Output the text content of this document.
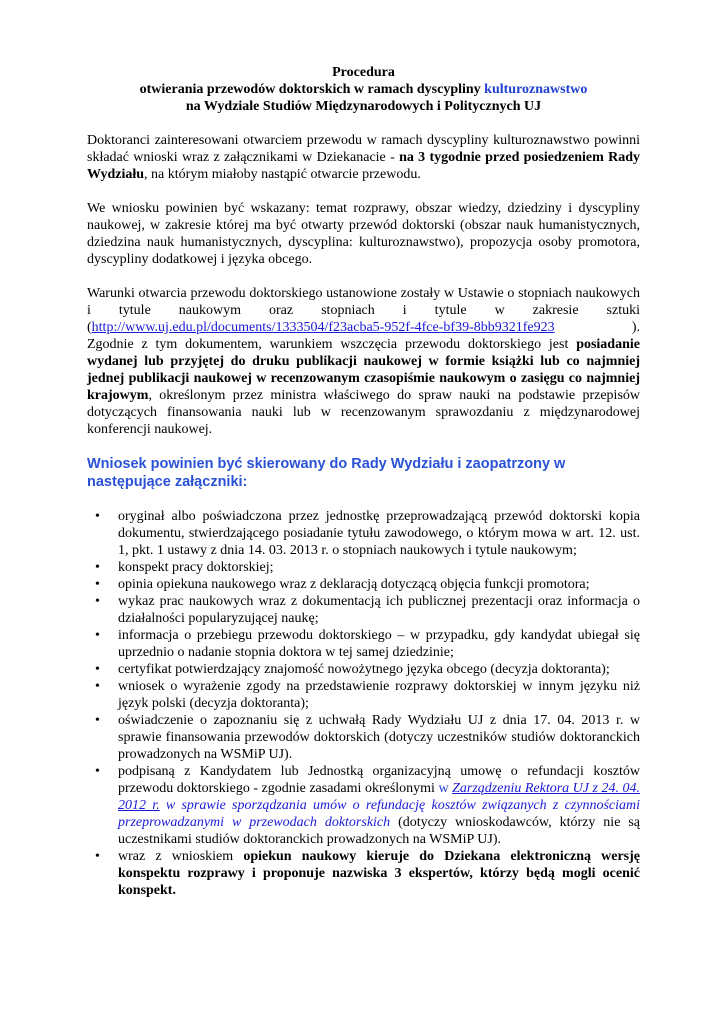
Procedura
otwierania przewodów doktorskich w ramach dyscypliny kulturoznawstwo
na Wydziale Studiów Międzynarodowych i Politycznych UJ

Doktoranci zainteresowani otwarciem przewodu w ramach dyscypliny kulturoznawstwo powinni składać wnioski wraz z załącznikami w Dziekanacie - na 3 tygodnie przed posiedzeniem Rady Wydziału, na którym miałoby nastąpić otwarcie przewodu.

We wniosku powinien być wskazany: temat rozprawy, obszar wiedzy, dziedziny i dyscypliny naukowej, w zakresie której ma być otwarty przewód doktorski (obszar nauk humanistycznych, dziedzina nauk humanistycznych, dyscyplina: kulturoznawstwo), propozycja osoby promotora, dyscypliny dodatkowej i języka obcego.

Warunki otwarcia przewodu doktorskiego ustanowione zostały w Ustawie o stopniach naukowych i tytule naukowym oraz stopniach i tytule w zakresie sztuki (http://www.uj.edu.pl/documents/1333504/f23acba5-952f-4fce-bf39-8bb9321fe923                  ). Zgodnie z tym dokumentem, warunkiem wszczęcia przewodu doktorskiego jest posiadanie wydanej lub przyjętej do druku publikacji naukowej w formie książki lub co najmniej jednej publikacji naukowej w recenzowanym czasopiśmie naukowym o zasięgu co najmniej krajowym, określonym przez ministra właściwego do spraw nauki na podstawie przepisów dotyczących finansowania nauki lub w recenzowanym sprawozdaniu z międzynarodowej konferencji naukowej.

Wniosek powinien być skierowany do Rady Wydziału i zaopatrzony w następujące załączniki:
• oryginał albo poświadczona przez jednostkę przeprowadzającą przewód doktorski kopia dokumentu, stwierdzającego posiadanie tytułu zawodowego, o którym mowa w art. 12. ust. 1, pkt. 1 ustawy z dnia 14. 03. 2013 r. o stopniach naukowych i tytule naukowym;
• konspekt pracy doktorskiej;
• opinia opiekuna naukowego wraz z deklaracją dotyczącą objęcia funkcji promotora;
• wykaz prac naukowych wraz z dokumentacją ich publicznej prezentacji oraz informacja o działalności popularyzującej naukę;
• informacja o przebiegu przewodu doktorskiego – w przypadku, gdy kandydat ubiegał się uprzednio o nadanie stopnia doktora w tej samej dziedzinie;
• certyfikat potwierdzający znajomość nowożytnego języka obcego (decyzja doktoranta);
• wniosek o wyrażenie zgody na przedstawienie rozprawy doktorskiej w innym języku niż język polski (decyzja doktoranta);
• oświadczenie o zapoznaniu się z uchwałą Rady Wydziału UJ z dnia 17. 04. 2013 r. w sprawie finansowania przewodów doktorskich (dotyczy uczestników studiów doktoranckich prowadzonych na WSMiP UJ).
• podpisaną z Kandydatem lub Jednostką organizacyjną umowę o refundacji kosztów przewodu doktorskiego - zgodnie zasadami określonymi w Zarządzeniu Rektora UJ z 24. 04. 2012 r. w sprawie sporządzania umów o refundację kosztów związanych z czynnościami przeprowadzanymi w przewodach doktorskich (dotyczy wnioskodawców, którzy nie są uczestnikami studiów doktoranckich prowadzonych na WSMiP UJ).
• wraz z wnioskiem opiekun naukowy kieruje do Dziekana elektroniczną wersję konspektu rozprawy i proponuje nazwiska 3 ekspertów, którzy będą mogli ocenić konspekt.
